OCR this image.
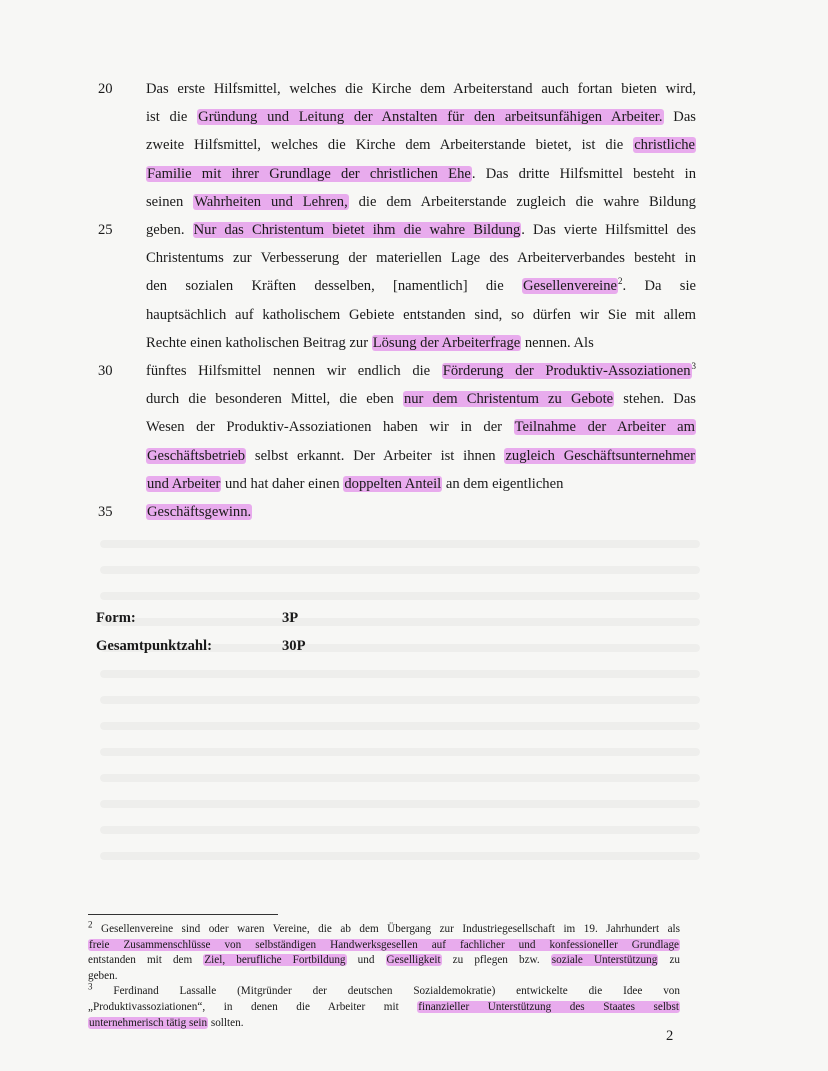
20	Das erste Hilfsmittel, welches die Kirche dem Arbeiterstand auch fortan bieten wird,
ist die Gründung und Leitung der Anstalten für den arbeitsunfähigen Arbeiter. Das
zweite Hilfsmittel, welches die Kirche dem Arbeiterstande bietet, ist die christliche
Familie mit ihrer Grundlage der christlichen Ehe. Das dritte Hilfsmittel besteht in
seinen Wahrheiten und Lehren, die dem Arbeiterstande zugleich die wahre Bildung
25	geben. Nur das Christentum bietet ihm die wahre Bildung. Das vierte Hilfsmittel des
Christentums zur Verbesserung der materiellen Lage des Arbeiterverbandes besteht in
den sozialen Kräften desselben, [namentlich] die Gesellenvereine$^2$. Da sie
hauptsächlich auf katholischem Gebiete entstanden sind, so dürfen wir Sie mit allem
Rechte einen katholischen Beitrag zur Lösung der Arbeiterfrage nennen. Als
30	fünftes Hilfsmittel nennen wir endlich die Förderung der Produktiv-Assoziationen$^3$
durch die besonderen Mittel, die eben nur dem Christentum zu Gebote stehen. Das
Wesen der Produktiv-Assoziationen haben wir in der Teilnahme der Arbeiter am
Geschäftsbetrieb selbst erkannt. Der Arbeiter ist ihnen zugleich Geschäftsunternehmer
und Arbeiter und hat daher einen doppelten Anteil an dem eigentlichen
35	Geschäftsgewinn.
Form:	3P
Gesamtpunktzahl:	30P
$^2$ Gesellenvereine sind oder waren Vereine, die ab dem Übergang zur Industriegesellschaft im 19. Jahrhundert als
freie Zusammenschlüsse von selbständigen Handwerksgesellen auf fachlicher und konfessioneller Grundlage
entstanden mit dem Ziel, berufliche Fortbildung und Geselligkeit zu pflegen bzw. soziale Unterstützung zu
geben.
$^3$ Ferdinand Lassalle (Mitgründer der deutschen Sozialdemokratie) entwickelte die Idee von
„Produktivassoziationen“, in denen die Arbeiter mit finanzieller Unterstützung des Staates selbst
unternehmerisch tätig sein sollten.
2
